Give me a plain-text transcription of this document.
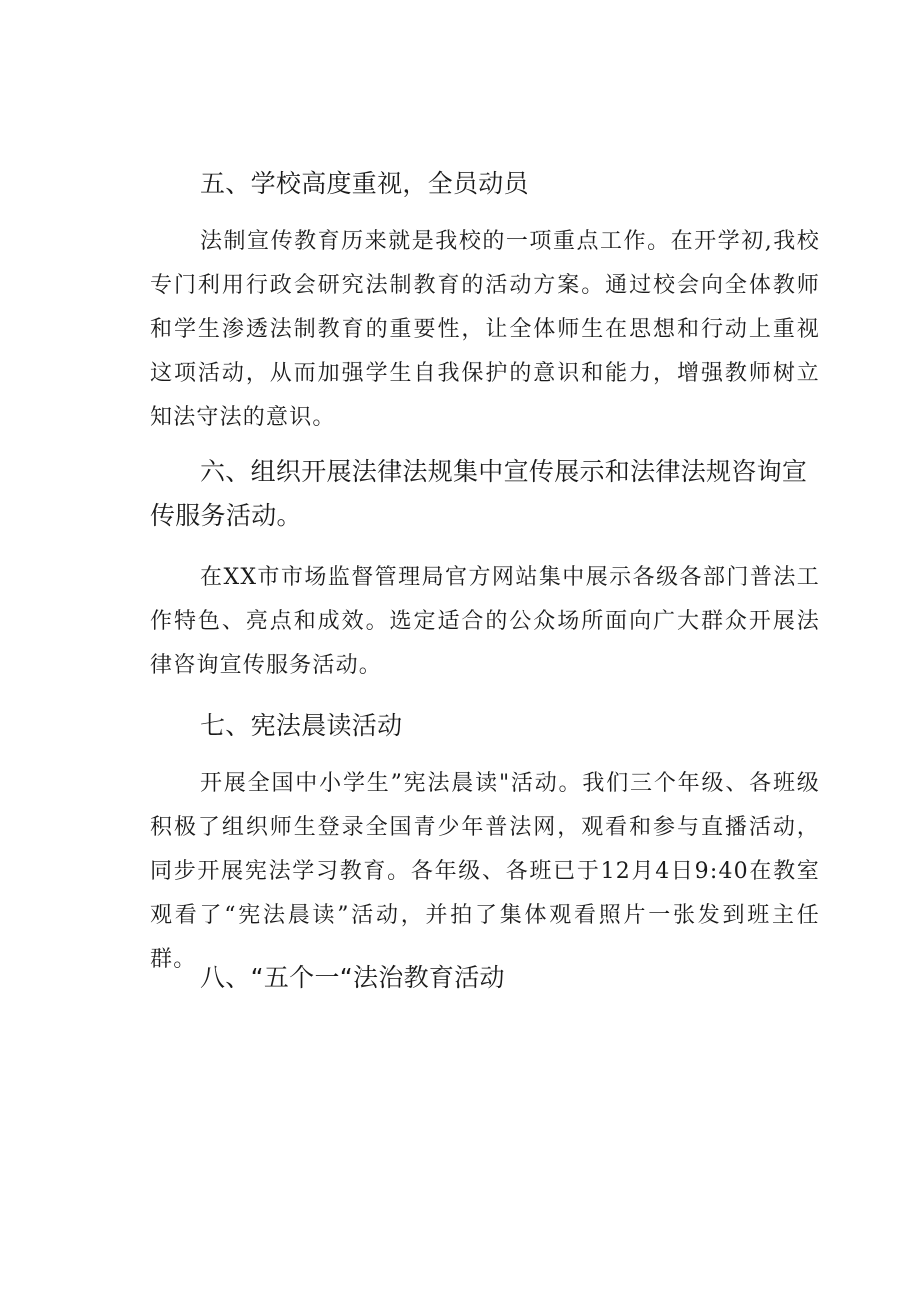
五、学校高度重视，全员动员

法制宣传教育历来就是我校的一项重点工作。在开学初,我校专门利用行政会研究法制教育的活动方案。通过校会向全体教师和学生渗透法制教育的重要性，让全体师生在思想和行动上重视这项活动，从而加强学生自我保护的意识和能力，增强教师树立知法守法的意识。

六、组织开展法律法规集中宣传展示和法律法规咨询宣传服务活动。

在XX市市场监督管理局官方网站集中展示各级各部门普法工作特色、亮点和成效。选定适合的公众场所面向广大群众开展法律咨询宣传服务活动。

七、宪法晨读活动

开展全国中小学生”宪法晨读"活动。我们三个年级、各班级积极了组织师生登录全国青少年普法网，观看和参与直播活动，同步开展宪法学习教育。各年级、各班已于12月4日9:40在教室观看了“宪法晨读”活动，并拍了集体观看照片一张发到班主任群。

八、“五个一“法治教育活动
